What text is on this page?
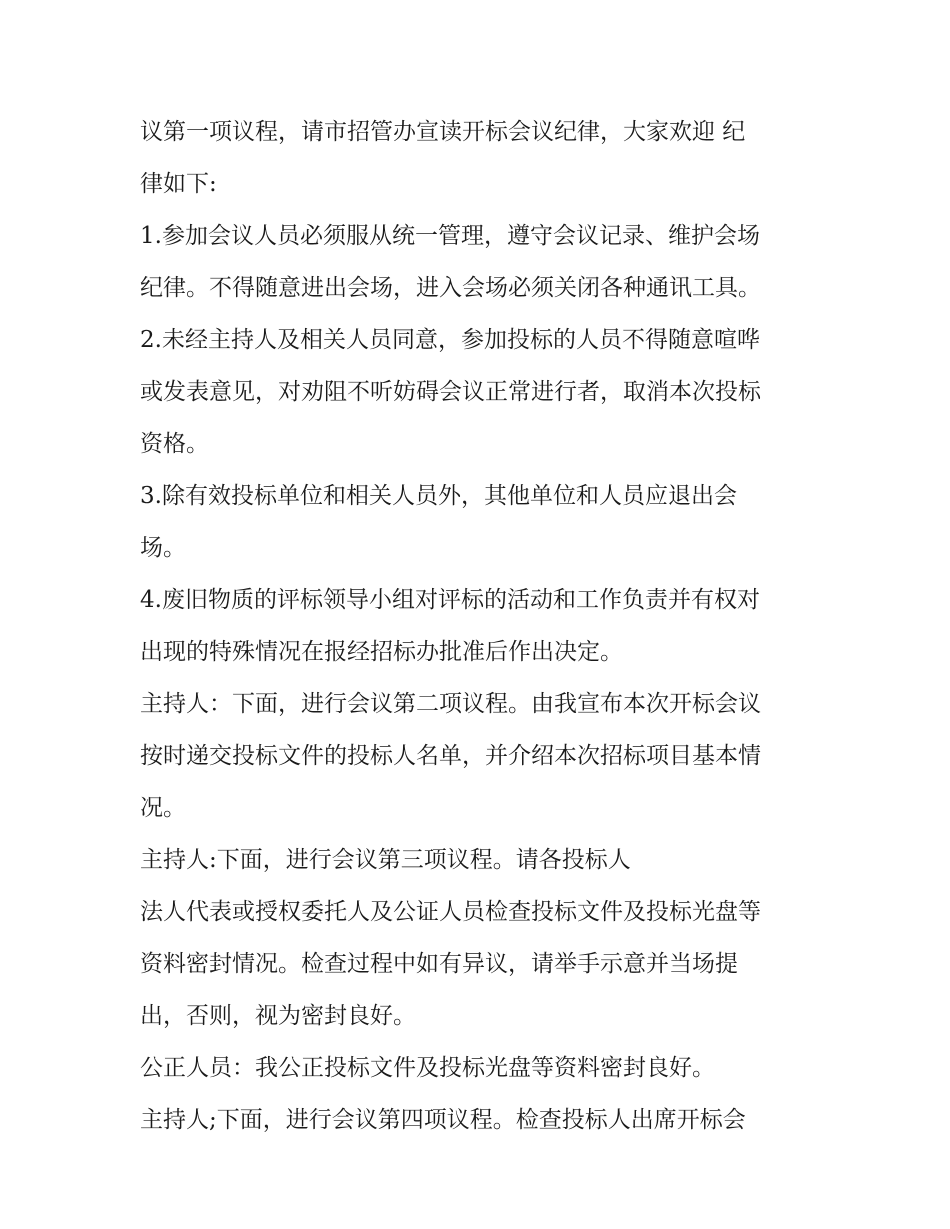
议第一项议程，请市招管办宣读开标会议纪律，大家欢迎 纪
律如下:
1.参加会议人员必须服从统一管理，遵守会议记录、维护会场
纪律。不得随意进出会场，进入会场必须关闭各种通讯工具。
2.未经主持人及相关人员同意，参加投标的人员不得随意喧哗
或发表意见，对劝阻不听妨碍会议正常进行者，取消本次投标
资格。
3.除有效投标单位和相关人员外，其他单位和人员应退出会
场。
4.废旧物质的评标领导小组对评标的活动和工作负责并有权对
出现的特殊情况在报经招标办批准后作出决定。
主持人：下面，进行会议第二项议程。由我宣布本次开标会议
按时递交投标文件的投标人名单，并介绍本次招标项目基本情
况。
主持人:下面，进行会议第三项议程。请各投标人
法人代表或授权委托人及公证人员检查投标文件及投标光盘等
资料密封情况。检查过程中如有异议，请举手示意并当场提
出，否则，视为密封良好。
公正人员：我公正投标文件及投标光盘等资料密封良好。
主持人;下面，进行会议第四项议程。检查投标人出席开标会
